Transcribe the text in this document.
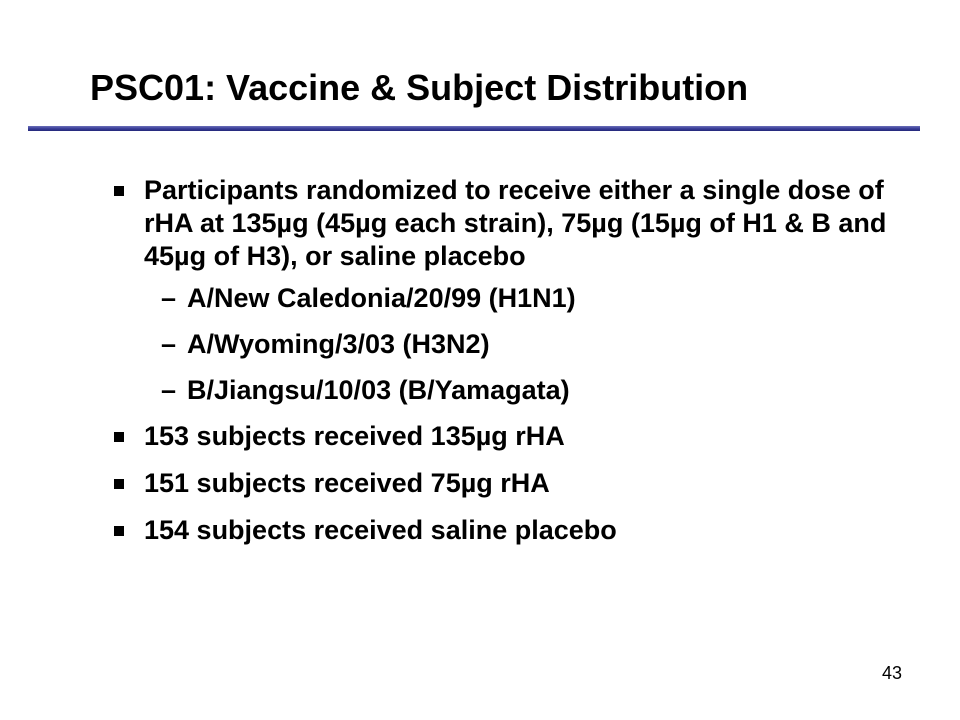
PSC01: Vaccine & Subject Distribution
Participants randomized to receive either a single dose of rHA at 135µg (45µg each strain), 75µg (15µg of H1 & B and 45µg of H3), or saline placebo
– A/New Caledonia/20/99 (H1N1)
– A/Wyoming/3/03 (H3N2)
– B/Jiangsu/10/03 (B/Yamagata)
153 subjects received 135µg rHA
151 subjects received 75µg rHA
154 subjects received saline placebo
43
